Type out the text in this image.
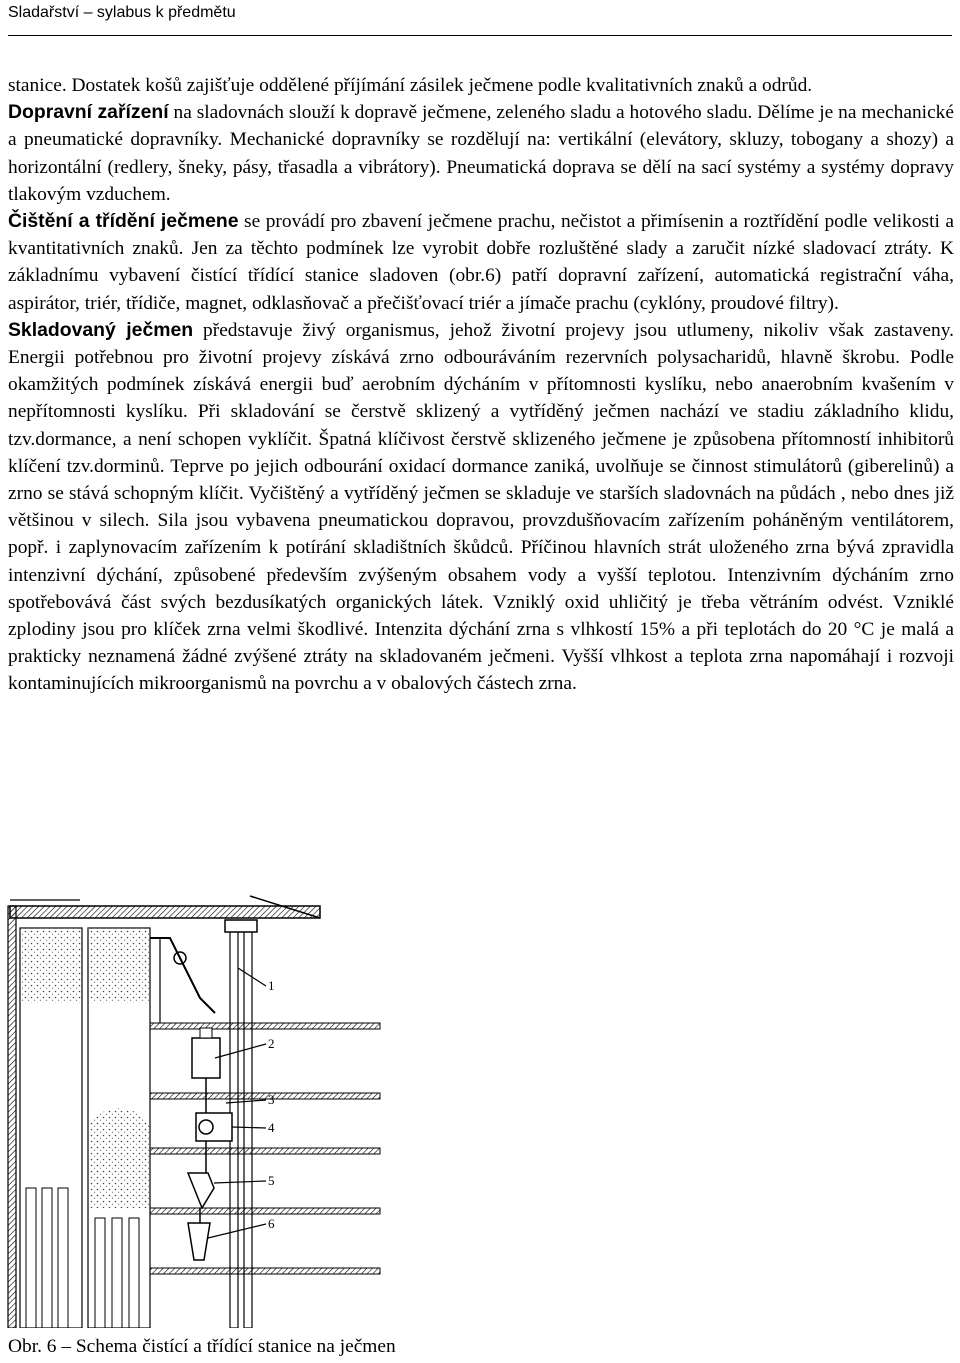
Sladařství – sylabus k předmětu

stanice. Dostatek košů zajišťuje oddělené příjímání zásilek ječmene podle kvalitativních znaků a odrůd.

Dopravní zařízení na sladovnách slouží k dopravě ječmene, zeleného sladu a hotového sladu. Dělíme je na mechanické a pneumatické dopravníky. Mechanické dopravníky se rozdělují na: vertikální (elevátory, skluzy, tobogany a shozy) a horizontální (redlery, šneky, pásy, třasadla a vibrátory). Pneumatická doprava se dělí na sací systémy a systémy dopravy tlakovým vzduchem.

Čištění a třídění ječmene se provádí pro zbavení ječmene prachu, nečistot a přimísenin a roztřídění podle velikosti a kvantitativních znaků. Jen za těchto podmínek lze vyrobit dobře rozluštěné slady a zaručit nízké sladovací ztráty. K základnímu vybavení čistící třídící stanice sladoven (obr.6) patří dopravní zařízení, automatická registrační váha, aspirátor, triér, třídiče, magnet, odklasňovač a přečišťovací triér a jímače prachu (cyklóny, proudové filtry).

Skladovaný ječmen představuje živý organismus, jehož životní projevy jsou utlumeny, nikoliv však zastaveny. Energii potřebnou pro životní projevy získává zrno odbouráváním rezervních polysacharidů, hlavně škrobu. Podle okamžitých podmínek získává energii buď aerobním dýcháním v přítomnosti kyslíku, nebo anaerobním kvašením v nepřítomnosti kyslíku. Při skladování se čerstvě sklizený a vytříděný ječmen nachází ve stadiu základního klidu, tzv.dormance, a není schopen vyklíčit. Špatná klíčivost čerstvě sklizeného ječmene je způsobena přítomností inhibitorů klíčení tzv.dorminů. Teprve po jejich odbourání oxidací dormance zaniká, uvolňuje se činnost stimulátorů (giberelinů) a zrno se stává schopným klíčit. Vyčištěný a vytříděný ječmen se skladuje ve starších sladovnách na půdách , nebo dnes již většinou v silech. Sila jsou vybavena pneumatickou dopravou, provzdušňovacím zařízením poháněným ventilátorem, popř. i zaplynovacím zařízením k potírání skladištních škůdců. Příčinou hlavních strát uloženého zrna bývá zpravidla intenzivní dýchání, způsobené především zvýšeným obsahem vody a vyšší teplotou. Intenzivním dýcháním zrno spotřebovává část svých bezdusíkatých organických látek. Vzniklý oxid uhličitý je třeba větráním odvést. Vzniklé zplodiny jsou pro klíček zrna velmi škodlivé. Intenzita dýchání zrna s vlhkostí 15% a při teplotách do 20 °C je malá a prakticky neznamená žádné zvýšené ztráty na skladovaném ječmeni. Vyšší vlhkost a teplota zrna napomáhají i rozvoji kontaminujících mikroorganismů na povrchu a v obalových částech zrna.

1
2
3
4
5
6
Obr. 6 – Schema čistící a třídící stanice na ječmen
